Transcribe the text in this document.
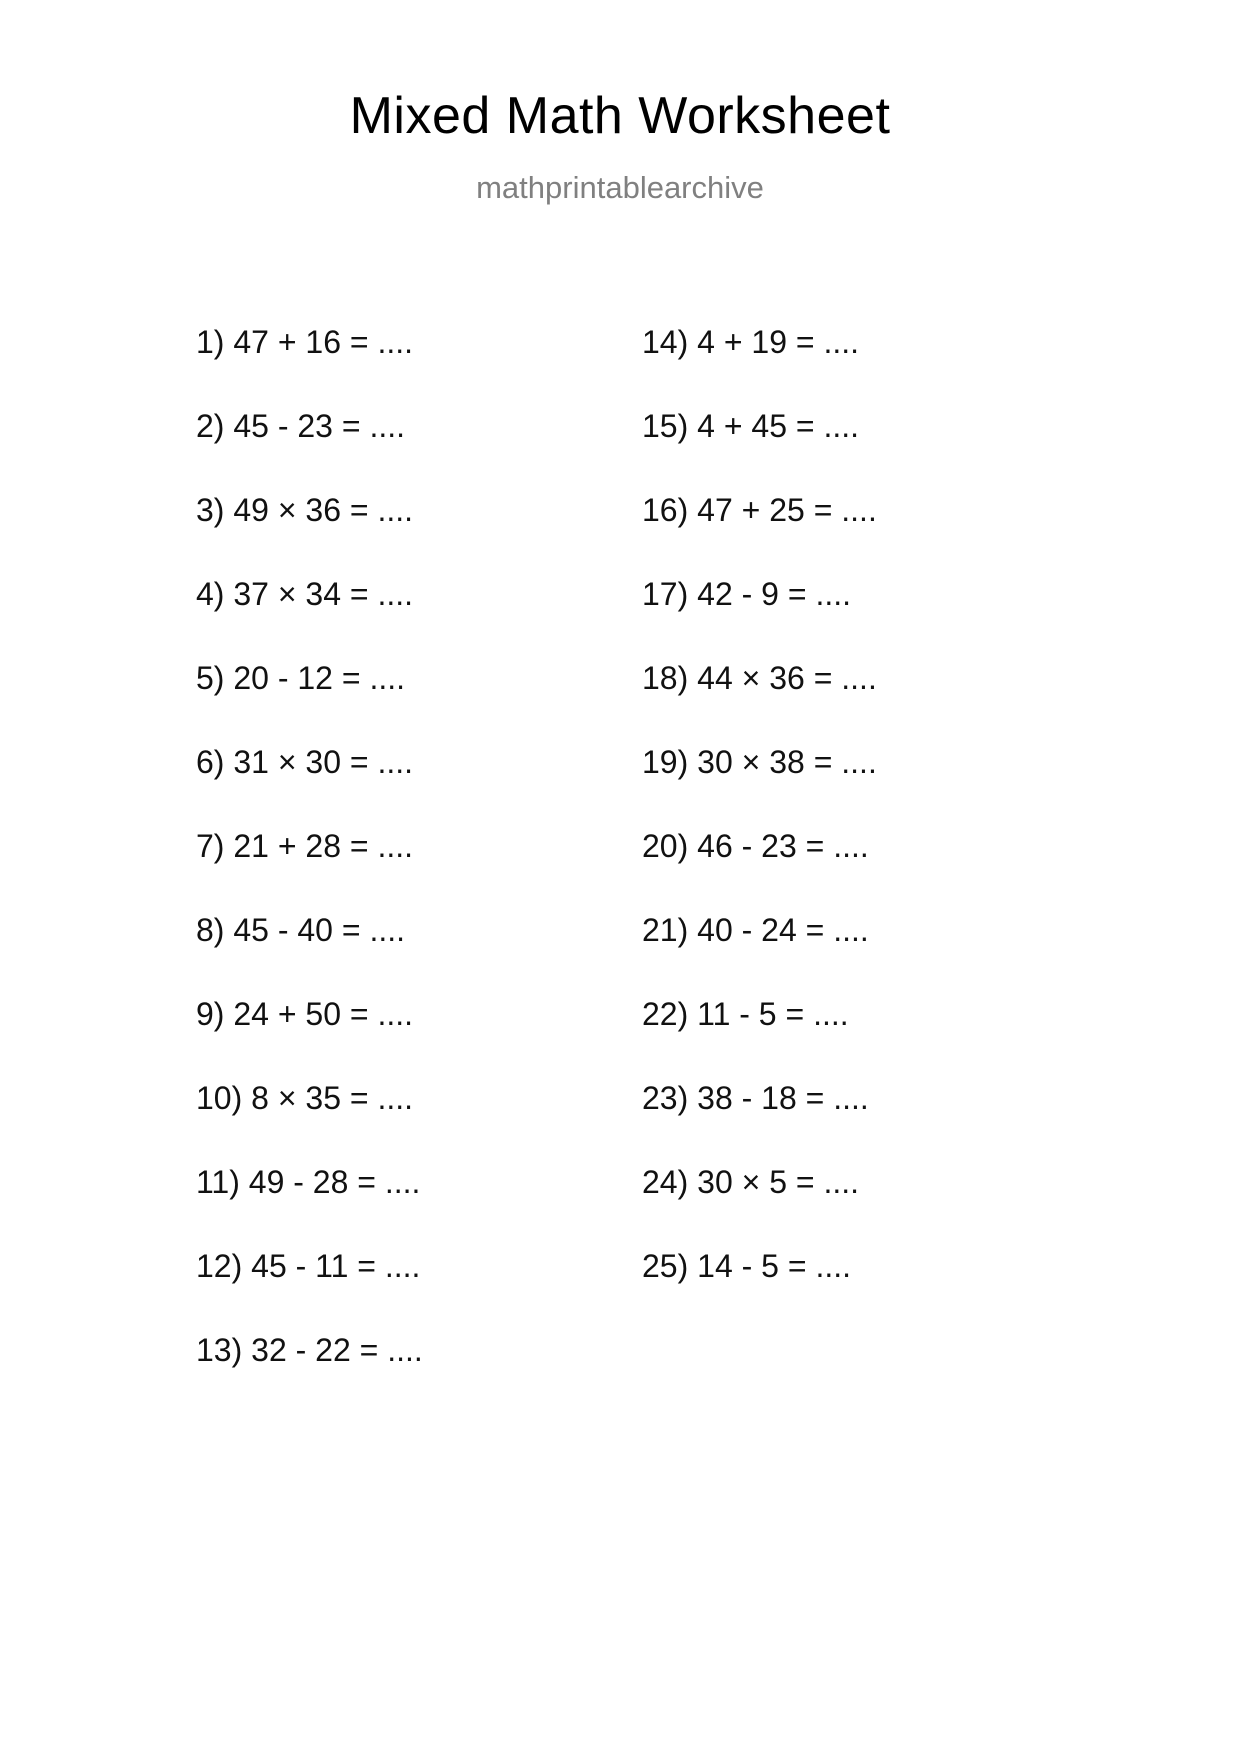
Mixed Math Worksheet
mathprintablearchive
1) 47 + 16 = ....
2) 45 - 23 = ....
3) 49 × 36 = ....
4) 37 × 34 = ....
5) 20 - 12 = ....
6) 31 × 30 = ....
7) 21 + 28 = ....
8) 45 - 40 = ....
9) 24 + 50 = ....
10) 8 × 35 = ....
11) 49 - 28 = ....
12) 45 - 11 = ....
13) 32 - 22 = ....
14) 4 + 19 = ....
15) 4 + 45 = ....
16) 47 + 25 = ....
17) 42 - 9 = ....
18) 44 × 36 = ....
19) 30 × 38 = ....
20) 46 - 23 = ....
21) 40 - 24 = ....
22) 11 - 5 = ....
23) 38 - 18 = ....
24) 30 × 5 = ....
25) 14 - 5 = ....
